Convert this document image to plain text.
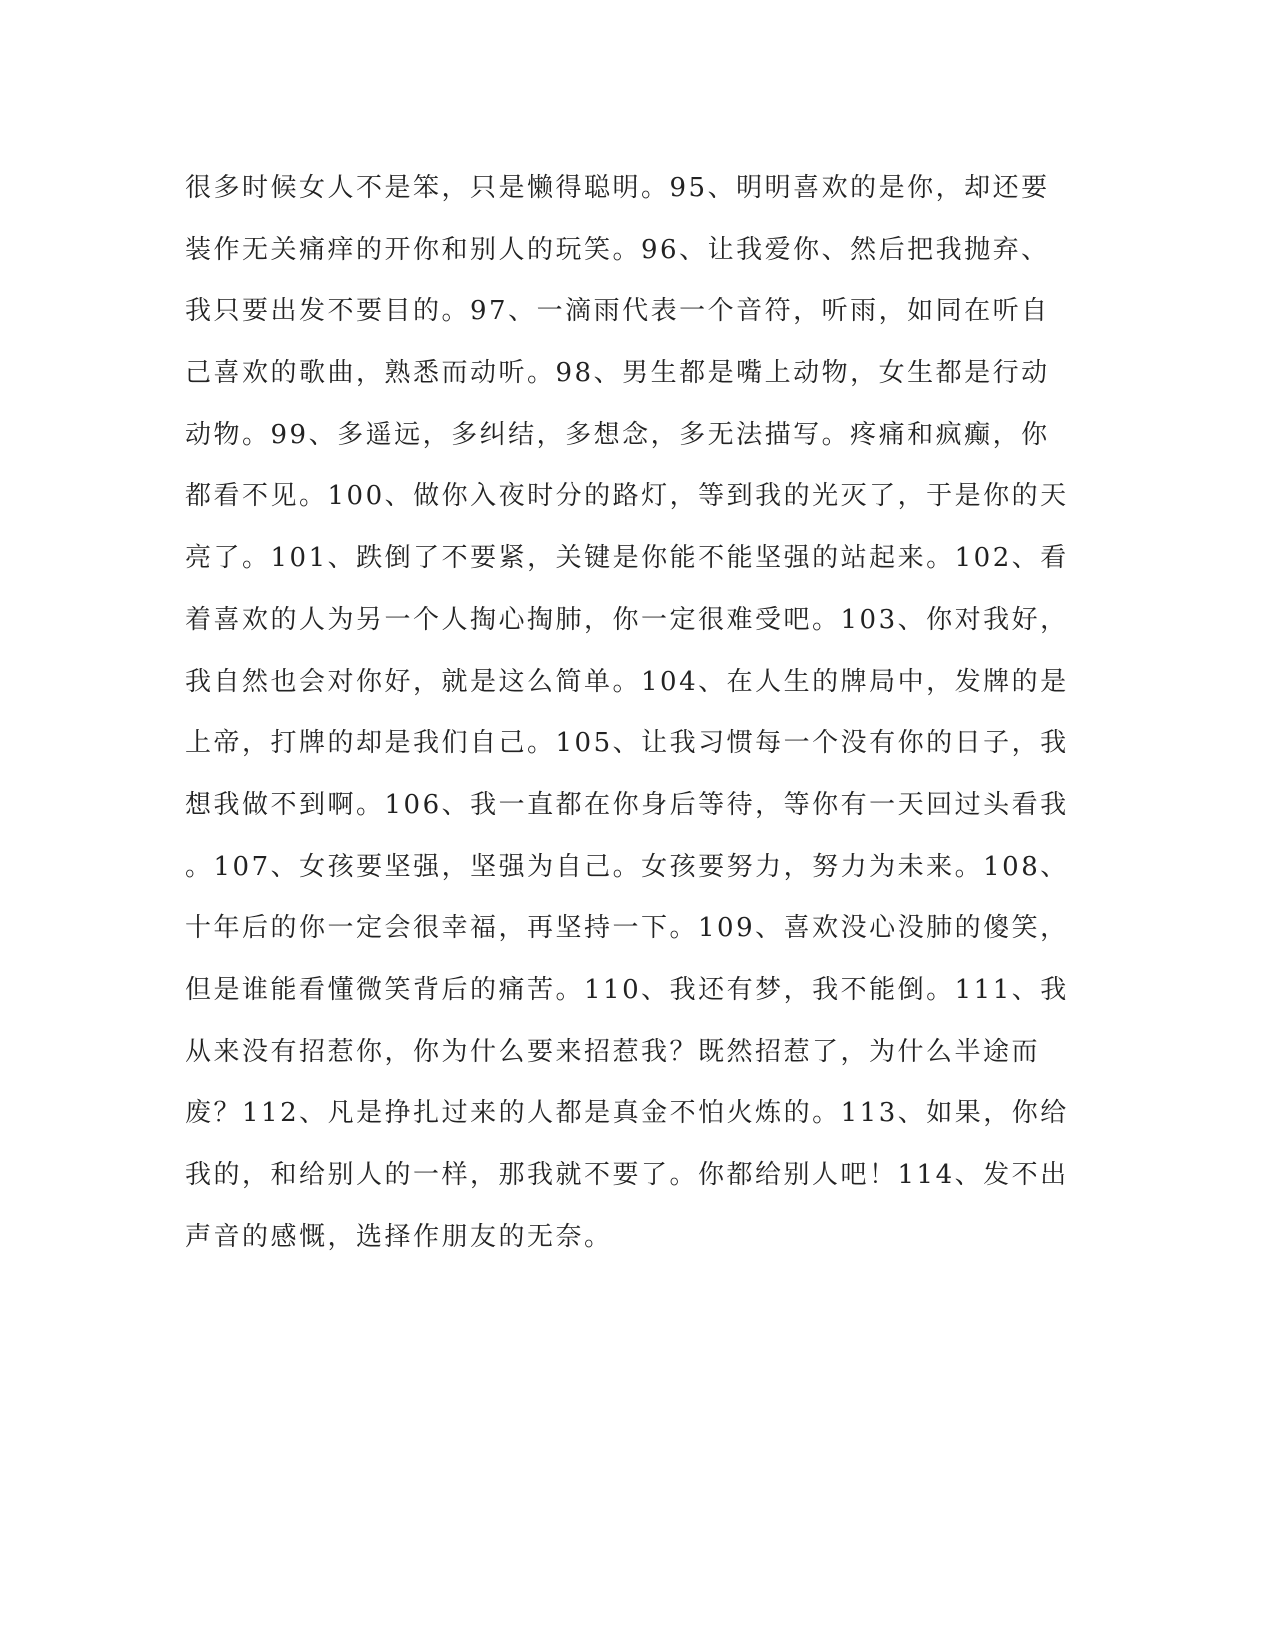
很多时候女人不是笨，只是懒得聪明。95、明明喜欢的是你，却还要
装作无关痛痒的开你和别人的玩笑。96、让我爱你、然后把我抛弃、
我只要出发不要目的。97、一滴雨代表一个音符，听雨，如同在听自
己喜欢的歌曲，熟悉而动听。98、男生都是嘴上动物，女生都是行动
动物。99、多遥远，多纠结，多想念，多无法描写。疼痛和疯癫，你
都看不见。100、做你入夜时分的路灯，等到我的光灭了，于是你的天
亮了。101、跌倒了不要紧，关键是你能不能坚强的站起来。102、看
着喜欢的人为另一个人掏心掏肺，你一定很难受吧。103、你对我好，
我自然也会对你好，就是这么简单。104、在人生的牌局中，发牌的是
上帝，打牌的却是我们自己。105、让我习惯每一个没有你的日子，我
想我做不到啊。106、我一直都在你身后等待，等你有一天回过头看我
。107、女孩要坚强，坚强为自己。女孩要努力，努力为未来。108、
十年后的你一定会很幸福，再坚持一下。109、喜欢没心没肺的傻笑，
但是谁能看懂微笑背后的痛苦。110、我还有梦，我不能倒。111、我
从来没有招惹你，你为什么要来招惹我？既然招惹了，为什么半途而
废？112、凡是挣扎过来的人都是真金不怕火炼的。113、如果，你给
我的，和给别人的一样，那我就不要了。你都给别人吧！114、发不出
声音的感慨，选择作朋友的无奈。
